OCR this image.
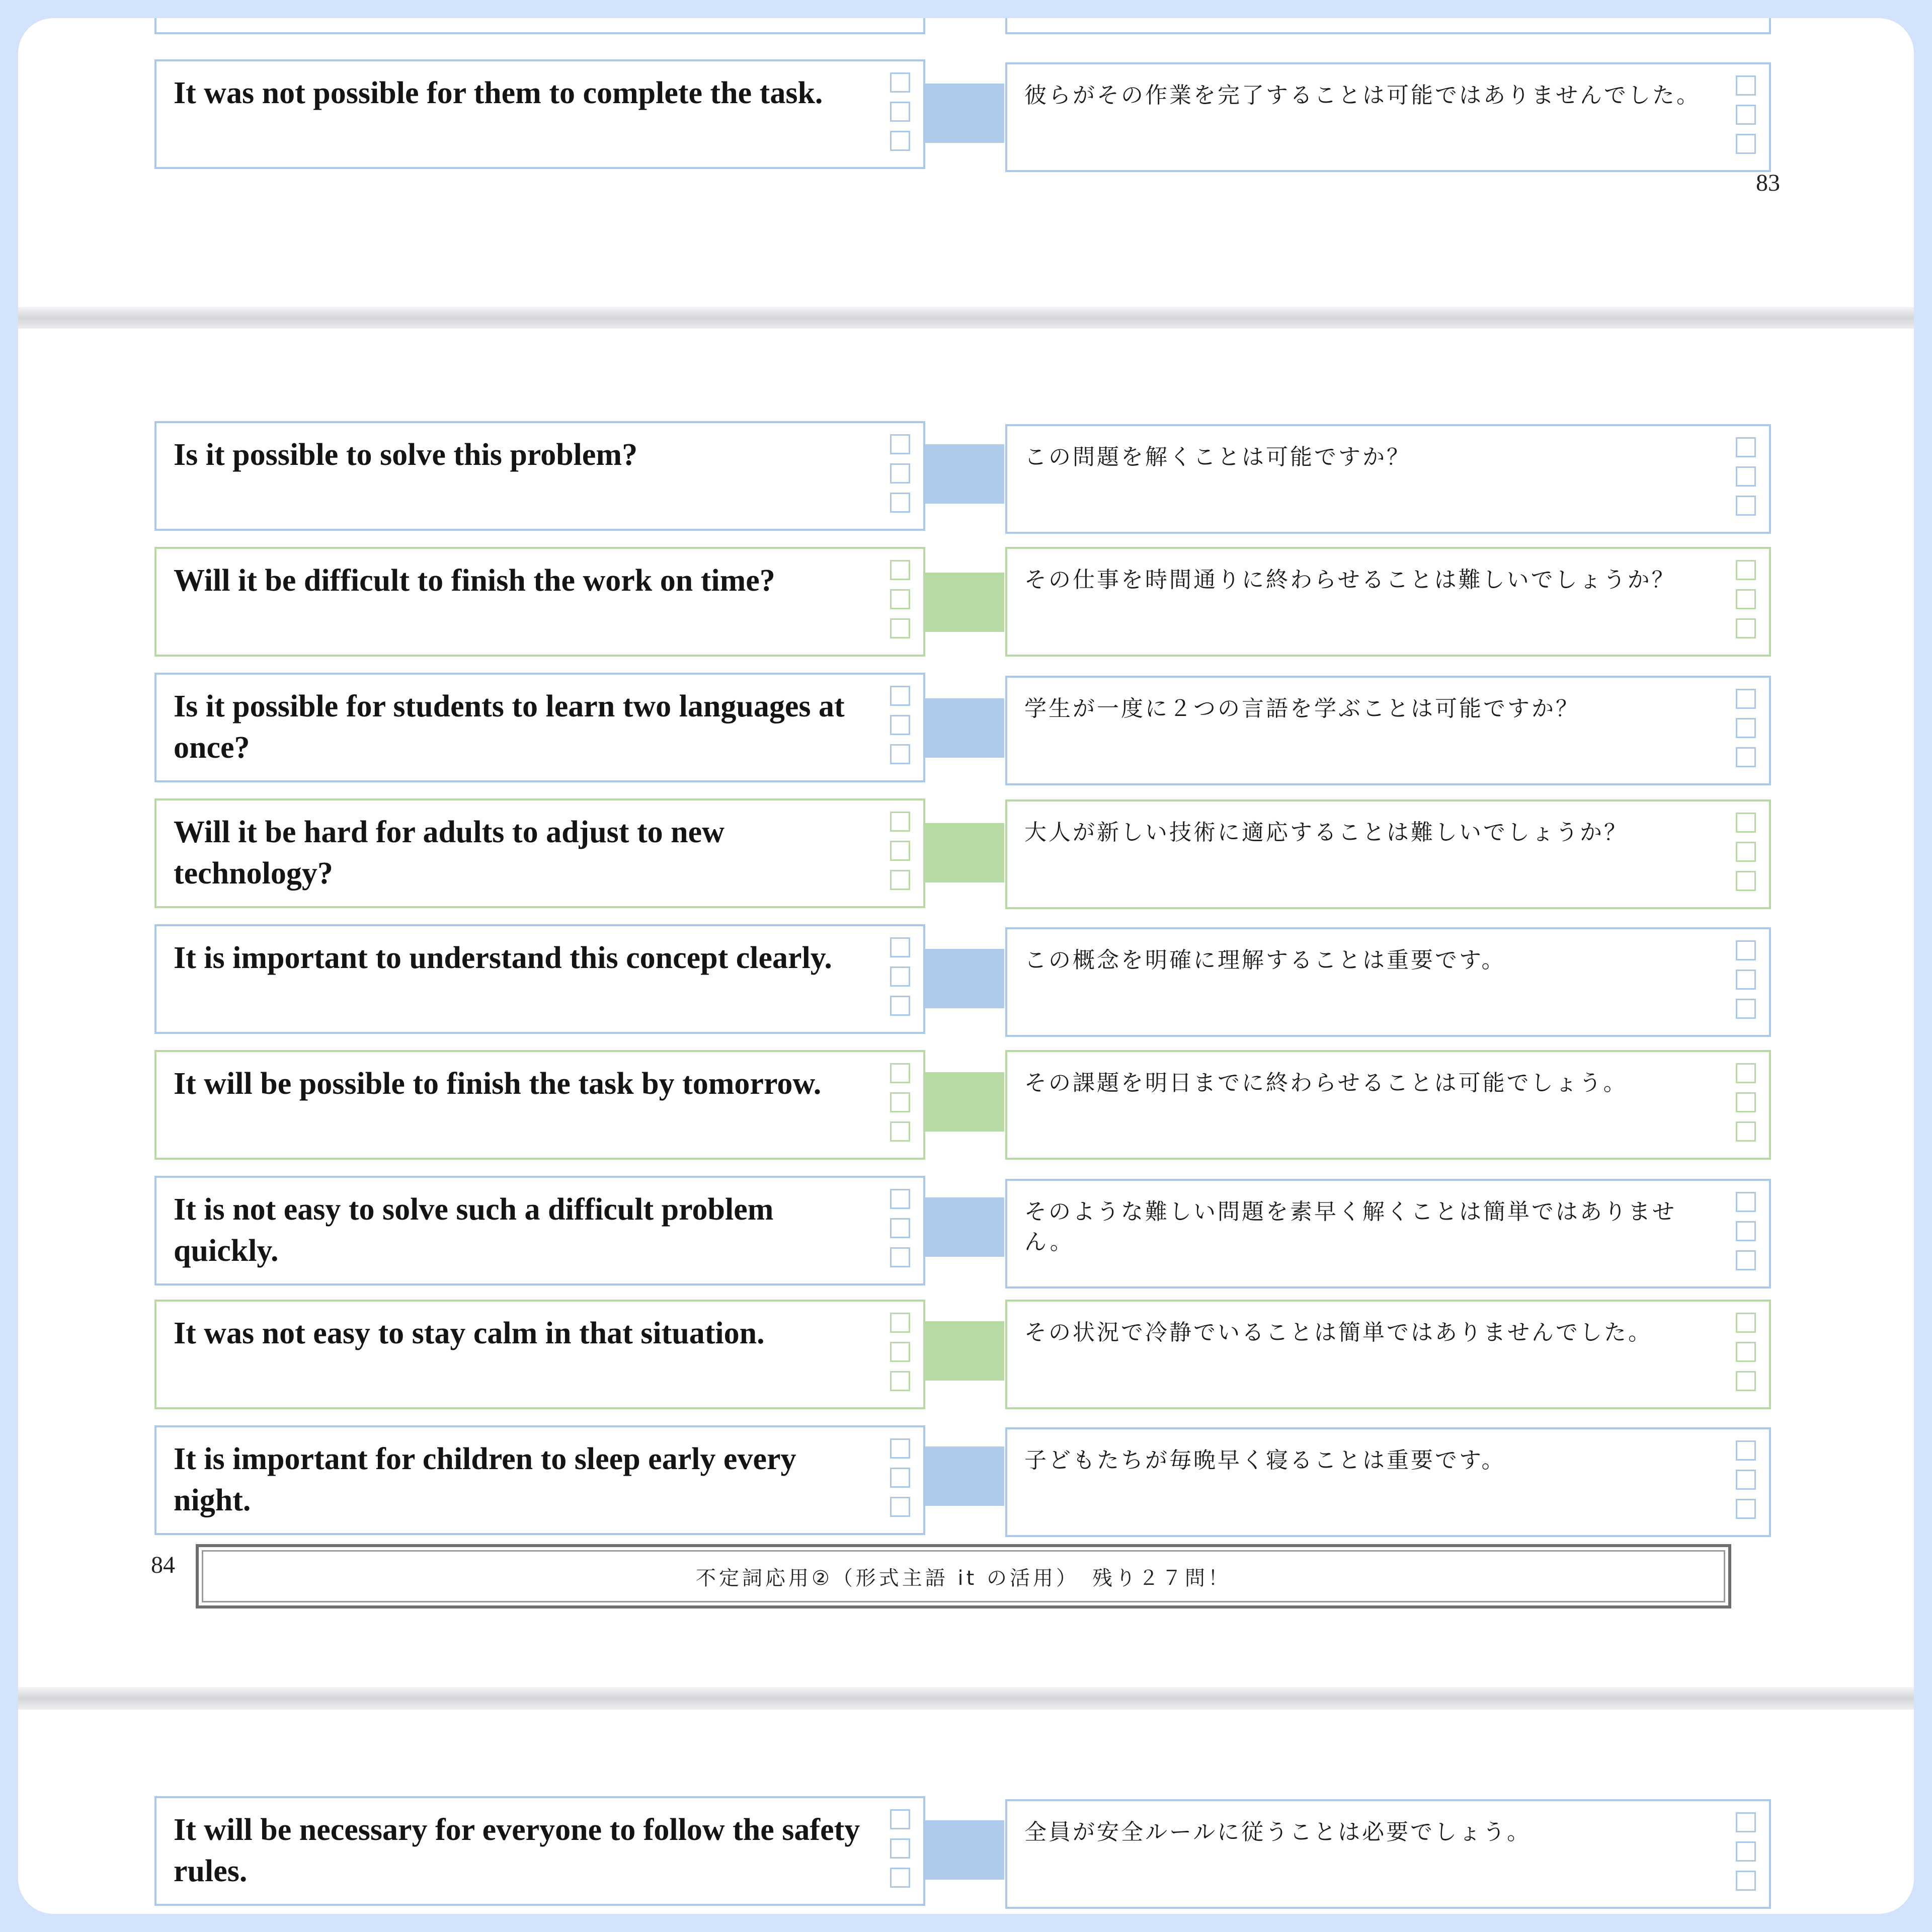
It was not possible for them to complete the task.	彼らがその作業を完了することは可能ではありませんでした。
83
Is it possible to solve this problem?	この問題を解くことは可能ですか？
Will it be difficult to finish the work on time?	その仕事を時間通りに終わらせることは難しいでしょうか？
Is it possible for students to learn two languages at once?
学生が一度に２つの言語を学ぶことは可能ですか？
Will it be hard for adults to adjust to new technology?
大人が新しい技術に適応することは難しいでしょうか？
It is important to understand this concept clearly.	この概念を明確に理解することは重要です。
It will be possible to finish the task by tomorrow.	その課題を明日までに終わらせることは可能でしょう。
It is not easy to solve such a difficult problem quickly.
そのような難しい問題を素早く解くことは簡単ではありません。
It was not easy to stay calm in that situation.	その状況で冷静でいることは簡単ではありませんでした。
It is important for children to sleep early every night.
子どもたちが毎晩早く寝ることは重要です。
84	不定詞応用②（形式主語 it の活用）　残り２７問！
It will be necessary for everyone to follow the safety rules.
全員が安全ルールに従うことは必要でしょう。
